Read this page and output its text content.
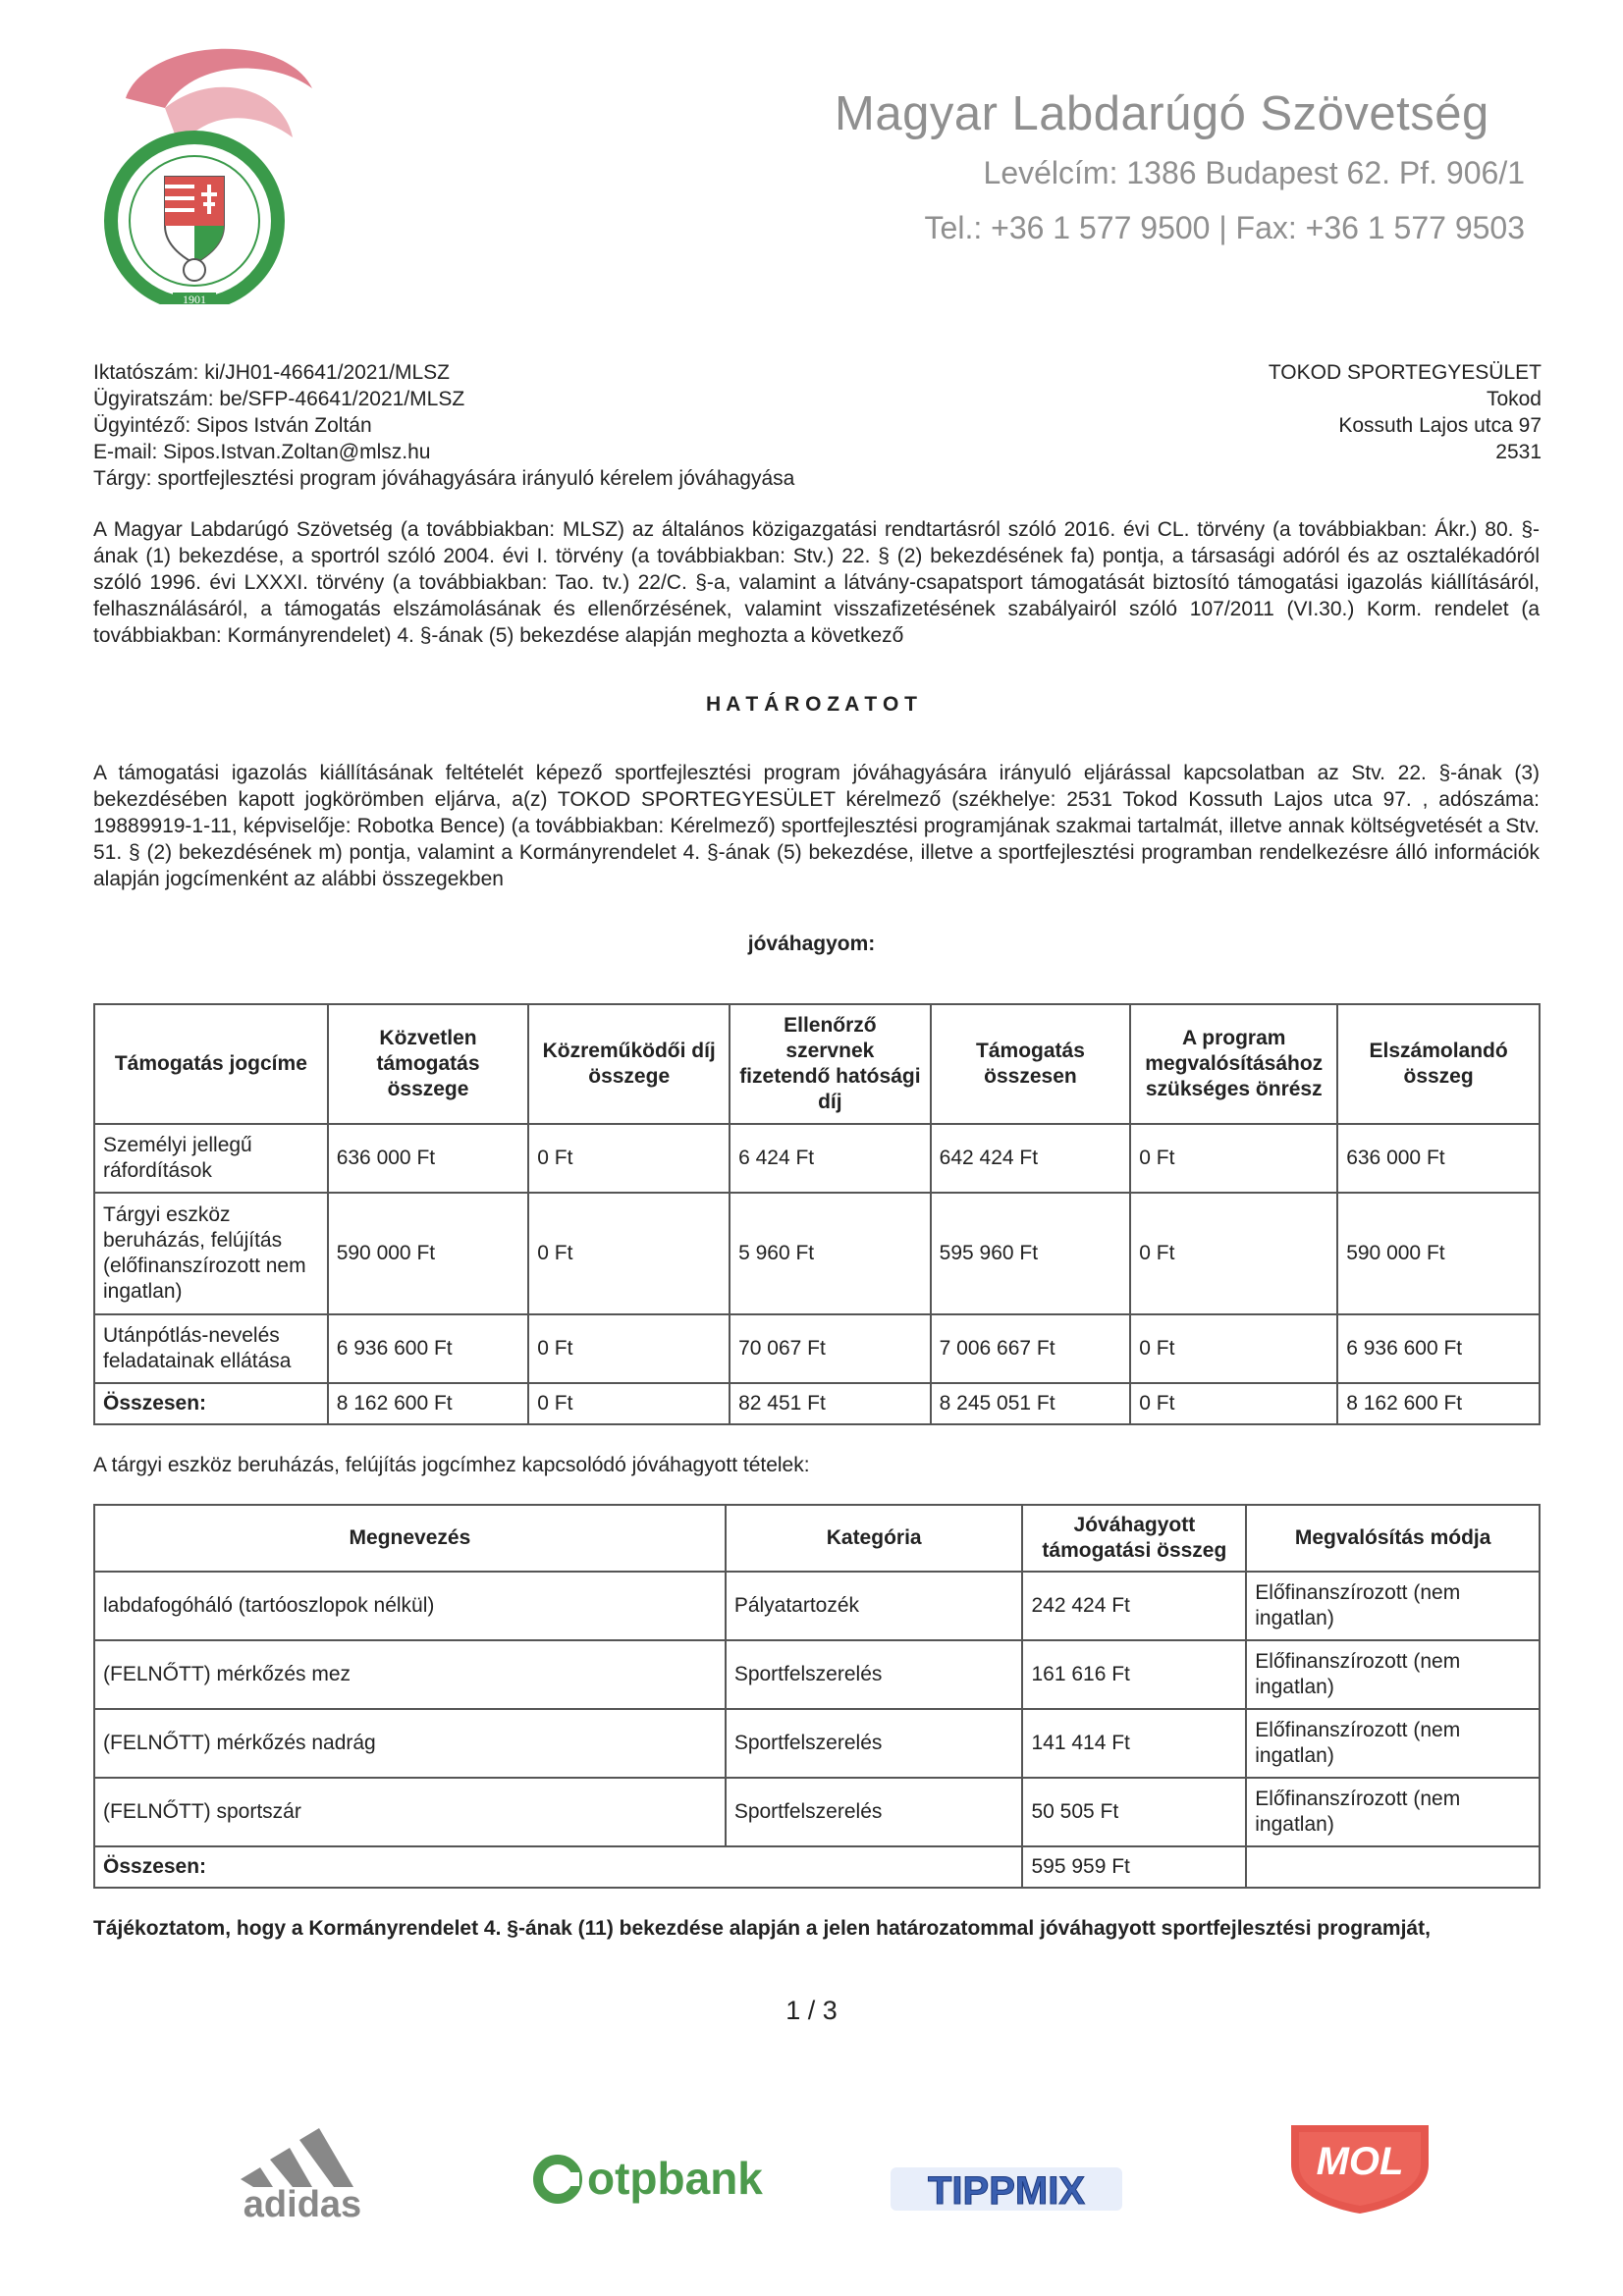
1901
Magyar Labdarúgó Szövetség
Levélcím: 1386 Budapest 62. Pf. 906/1
Tel.: +36 1 577 9500 | Fax: +36 1 577 9503
Iktatószám: ki/JH01-46641/2021/MLSZ
Ügyiratszám: be/SFP-46641/2021/MLSZ
Ügyintéző: Sipos István Zoltán
E-mail: Sipos.Istvan.Zoltan@mlsz.hu
Tárgy: sportfejlesztési program jóváhagyására irányuló kérelem jóváhagyása
TOKOD SPORTEGYESÜLET
Tokod
Kossuth Lajos utca 97
2531
A Magyar Labdarúgó Szövetség (a továbbiakban: MLSZ) az általános közigazgatási rendtartásról szóló 2016. évi CL. törvény (a továbbiakban: Ákr.) 80. §-ának (1) bekezdése, a sportról szóló 2004. évi I. törvény (a továbbiakban: Stv.) 22. § (2) bekezdésének fa) pontja, a társasági adóról és az osztalékadóról szóló 1996. évi LXXXI. törvény (a továbbiakban: Tao. tv.) 22/C. §-a, valamint a látvány-csapatsport támogatását biztosító támogatási igazolás kiállításáról, felhasználásáról, a támogatás elszámolásának és ellenőrzésének, valamint visszafizetésének szabályairól szóló 107/2011 (VI.30.) Korm. rendelet (a továbbiakban: Kormányrendelet) 4. §-ának (5) bekezdése alapján meghozta a következő
H A T Á R O Z A T O T
A támogatási igazolás kiállításának feltételét képező sportfejlesztési program jóváhagyására irányuló eljárással kapcsolatban az Stv. 22. §-ának (3) bekezdésében kapott jogkörömben eljárva, a(z) TOKOD SPORTEGYESÜLET kérelmező (székhelye: 2531 Tokod Kossuth Lajos utca 97. , adószáma: 19889919-1-11, képviselője: Robotka Bence) (a továbbiakban: Kérelmező) sportfejlesztési programjának szakmai tartalmát, illetve annak költségvetését a Stv. 51. § (2) bekezdésének m) pontja, valamint a Kormányrendelet 4. §-ának (5) bekezdése, illetve a sportfejlesztési programban rendelkezésre álló információk alapján jogcímenként az alábbi összegekben
jóváhagyom:
Támogatás jogcíme	Közvetlen támogatás összege	Közreműködői díj összege	Ellenőrző szervnek fizetendő hatósági díj	Támogatás összesen	A program megvalósításához szükséges önrész	Elszámolandó összeg
Személyi jellegű ráfordítások	636 000 Ft	0 Ft	6 424 Ft	642 424 Ft	0 Ft	636 000 Ft
Tárgyi eszköz beruházás, felújítás (előfinanszírozott nem ingatlan)	590 000 Ft	0 Ft	5 960 Ft	595 960 Ft	0 Ft	590 000 Ft
Utánpótlás-nevelés feladatainak ellátása	6 936 600 Ft	0 Ft	70 067 Ft	7 006 667 Ft	0 Ft	6 936 600 Ft
Összesen:	8 162 600 Ft	0 Ft	82 451 Ft	8 245 051 Ft	0 Ft	8 162 600 Ft
A tárgyi eszköz beruházás, felújítás jogcímhez kapcsolódó jóváhagyott tételek:
Megnevezés	Kategória	Jóváhagyott támogatási összeg	Megvalósítás módja
labdafogóháló (tartóoszlopok nélkül)	Pályatartozék	242 424 Ft	Előfinanszírozott (nem ingatlan)
(FELNŐTT) mérkőzés mez	Sportfelszerelés	161 616 Ft	Előfinanszírozott (nem ingatlan)
(FELNŐTT) mérkőzés nadrág	Sportfelszerelés	141 414 Ft	Előfinanszírozott (nem ingatlan)
(FELNŐTT) sportszár	Sportfelszerelés	50 505 Ft	Előfinanszírozott (nem ingatlan)
Összesen:		595 959 Ft	
Tájékoztatom, hogy a Kormányrendelet 4. §-ának (11) bekezdése alapján a jelen határozatommal jóváhagyott sportfejlesztési programját,
1 / 3
adidas
otpbank	TIPPMIX
MOL
